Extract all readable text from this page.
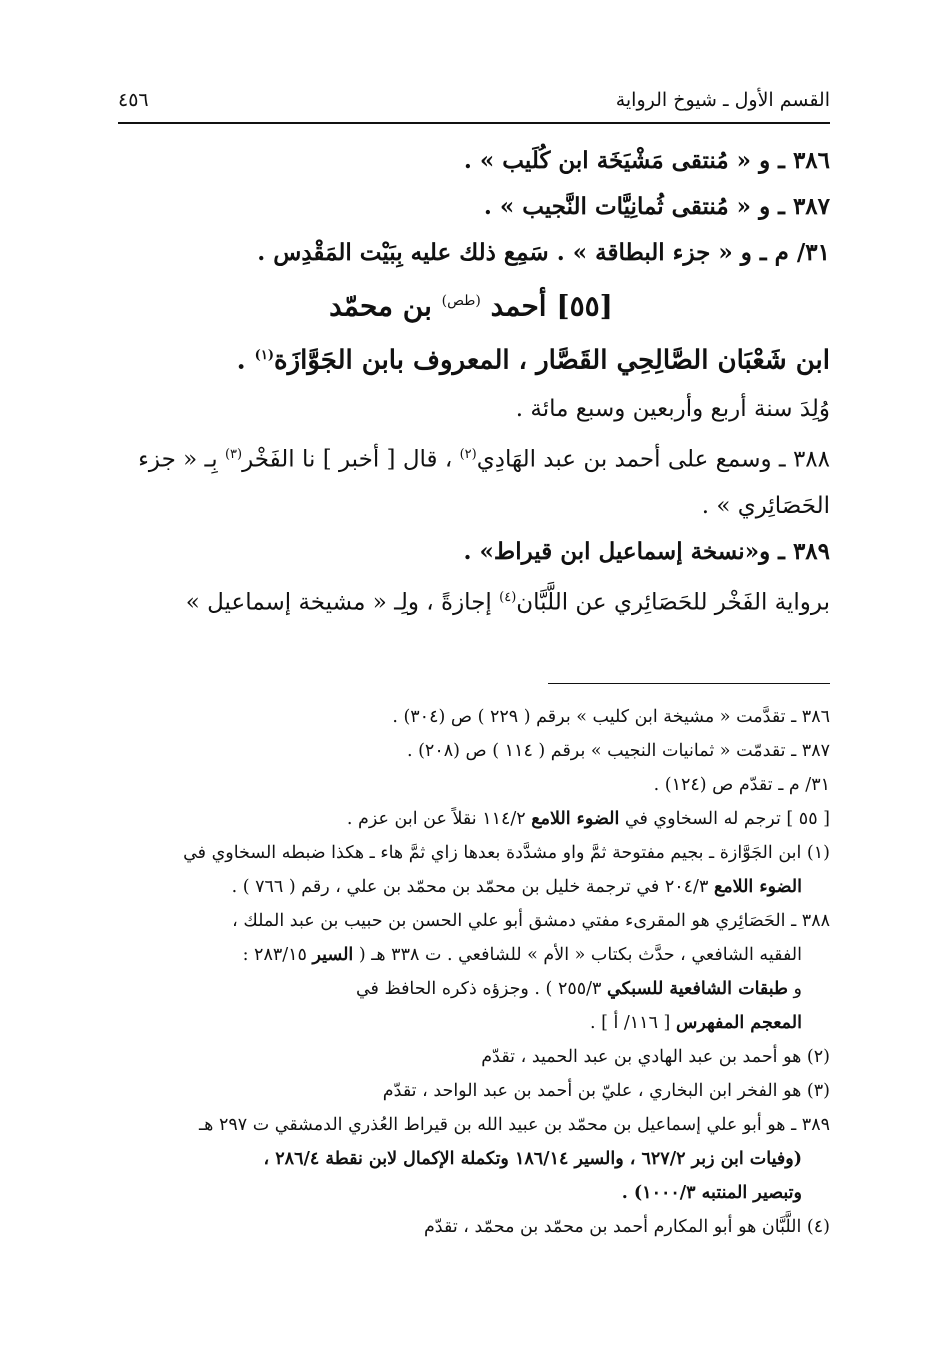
القسم الأول ـ شيوخ الرواية
٤٥٦

٣٨٦ ـ و « مُنتقى مَشْيَخَة ابن كُلَيب » .

٣٨٧ ـ و « مُنتقى ثُمانِيَّات النَّجيب » .

٣١/ م ـ و « جزء البطاقة » . سَمِع ذلك عليه بِبَيْت المَقْدِس .

[٥٥] أحمد $^{(طص)}$ بن محمّد

ابن شَعْبَان الصَّالِحِي القَصَّار ، المعروف بابن الجَوَّازَة$^{(١)}$ .

وُلِدَ سنة أربع وأربعين وسبع مائة .

٣٨٨ ـ وسمع على أحمد بن عبد الهَادِي$^{(٢)}$ ، قال [ أخبر ] نا الفَخْر$^{(٣)}$ بِـ « جزء الحَصَائِري » .

٣٨٩ ـ و«نسخة إسماعيل ابن قيراط» .

برواية الفَخْر للحَصَائِري عن اللَّبَّان$^{(٤)}$ إجازةً ، ولِـ « مشيخة إسماعيل »

٣٨٦ ـ تقدَّمت « مشيخة ابن كليب » برقم ( ٢٢٩ ) ص (٣٠٤) .

٣٨٧ ـ تقدمّت « ثمانيات النجيب » برقم ( ١١٤ ) ص (٢٠٨) .

٣١/ م ـ تقدّم ص (١٢٤) .

[ ٥٥ ] ترجم له السخاوي في الضوء اللامع ١١٤/٢ نقلاً عن ابن عزم .

(١) ابن الجَوَّازة ـ بجيم مفتوحة ثمَّ واو مشدَّدة بعدها زاي ثمَّ هاء ـ هكذا ضبطه السخاوي في

الضوء اللامع ٢٠٤/٣ في ترجمة خليل بن محمّد بن محمّد بن علي ، رقم ( ٧٦٦ ) .

٣٨٨ ـ الحَصَائِري هو المقرىء مفتي دمشق أبو علي الحسن بن حبيب بن عبد الملك ،

الفقيه الشافعي ، حدَّث بكتاب « الأم » للشافعي . ت ٣٣٨ هـ ( السير ٢٨٣/١٥ :

و طبقات الشافعية للسبكي ٢٥٥/٣ ) . وجزؤه ذكره الحافظ في

المعجم المفهرس [ ١١٦/ أ ] .

(٢) هو أحمد بن عبد الهادي بن عبد الحميد ، تقدّم

(٣) هو الفخر ابن البخاري ، عليّ بن أحمد بن عبد الواحد ، تقدّم

٣٨٩ ـ هو أبو علي إسماعيل بن محمّد بن عبيد الله بن قيراط العُذري الدمشقي ت ٢٩٧ هـ

(وفيات ابن زبر ٦٢٧/٢ ، والسير ١٨٦/١٤ وتكملة الإكمال لابن نقطة ٢٨٦/٤ ،

وتبصير المنتبه ١٠٠٠/٣) .

(٤) اللَّبَّان هو أبو المكارم أحمد بن محمّد بن محمّد ، تقدّم
